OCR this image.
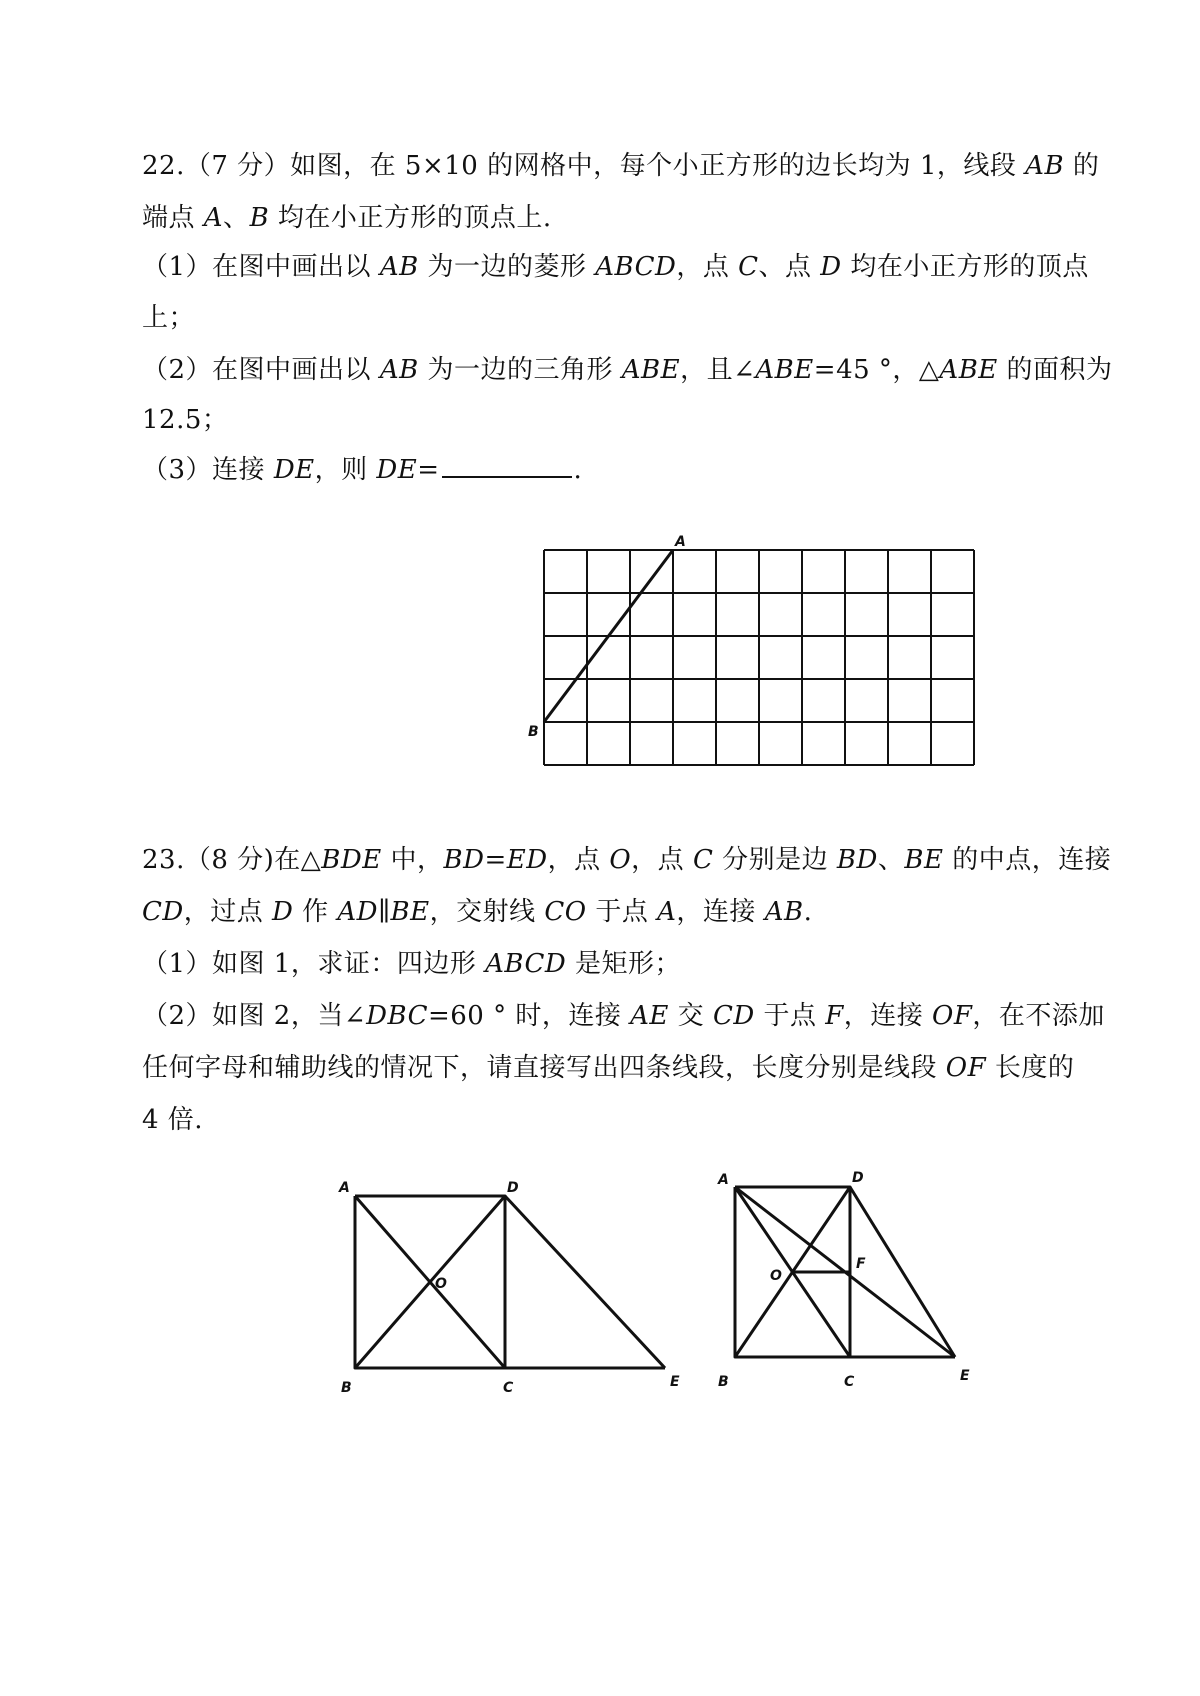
22.（7 分）如图，在 5×10 的网格中，每个小正方形的边长均为 1，线段 AB 的
端点 A、B 均在小正方形的顶点上.
（1）在图中画出以 AB 为一边的菱形 ABCD，点 C、点 D 均在小正方形的顶点
上；
（2）在图中画出以 AB 为一边的三角形 ABE，且∠ABE=45 °，△ABE 的面积为
12.5；
（3）连接 DE，则 DE=	.
A
B
23.（8 分)在△BDE 中，BD=ED，点 O，点 C 分别是边 BD、BE 的中点，连接
CD，过点 D 作 AD∥BE，交射线 CO 于点 A，连接 AB.
（1）如图 1，求证：四边形 ABCD 是矩形；
（2）如图 2，当∠DBC=60 ° 时，连接 AE 交 CD 于点 F，连接 OF，在不添加
任何字母和辅助线的情况下，请直接写出四条线段，长度分别是线段 OF 长度的
4 倍.
A	D
O
B	C	E
A	D
O
F
B	C	E
